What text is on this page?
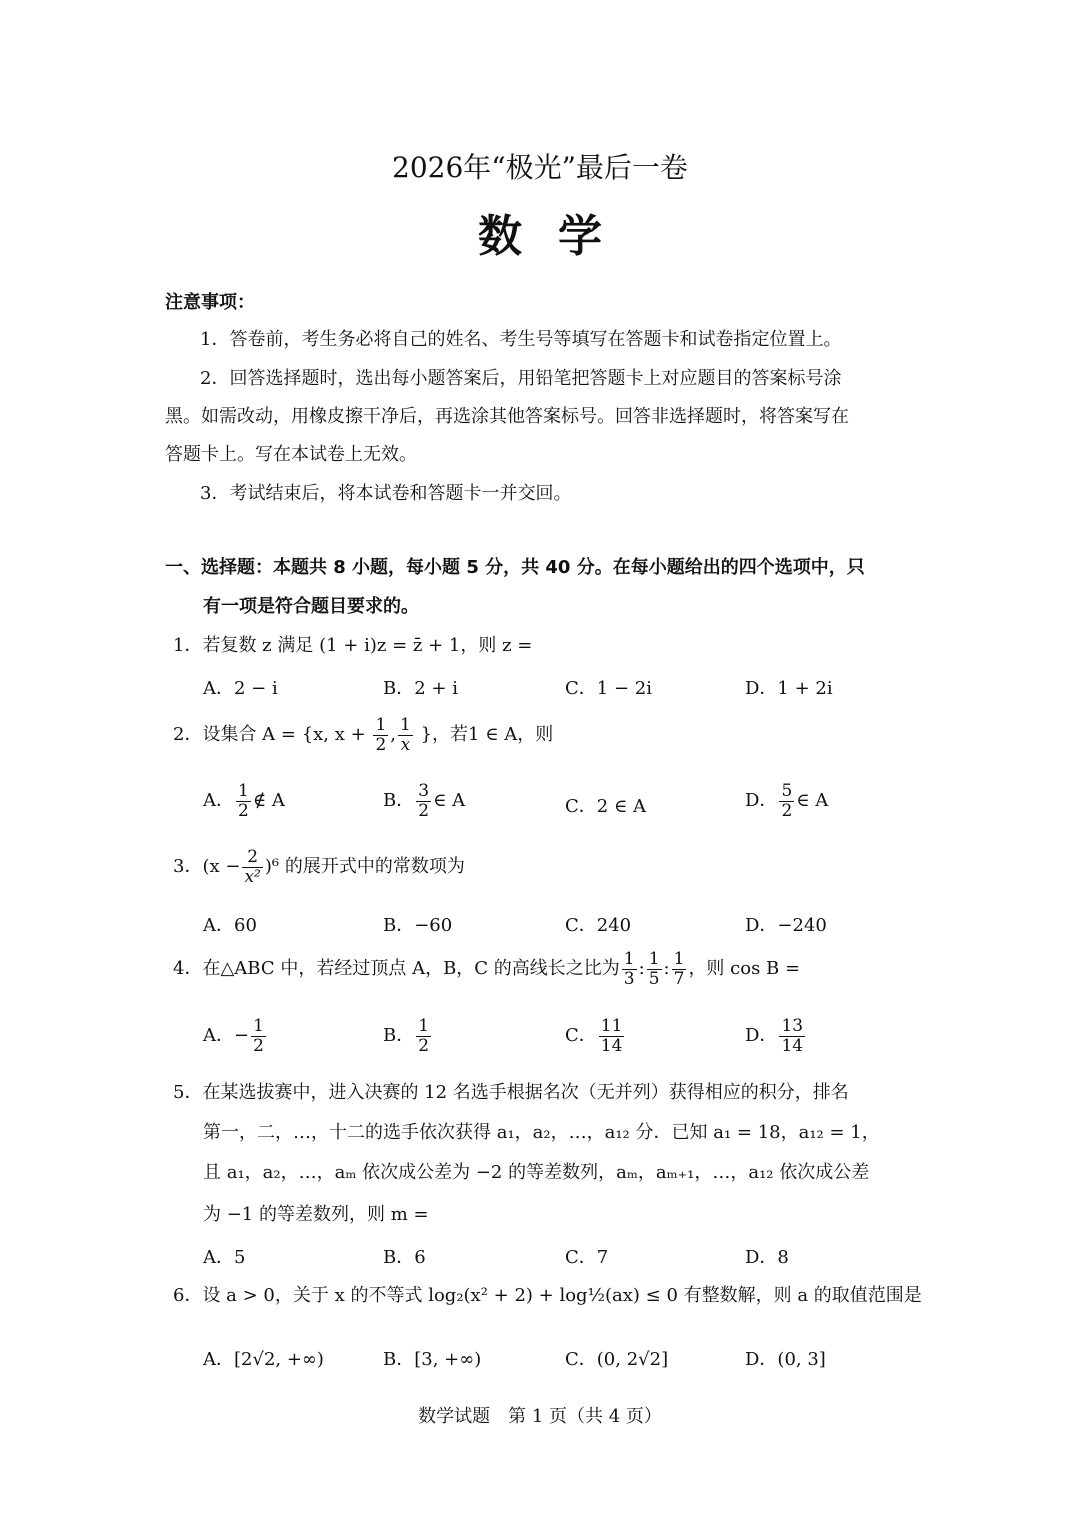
2026年“极光”最后一卷
数学
注意事项：
1．答卷前，考生务必将自己的姓名、考生号等填写在答题卡和试卷指定位置上。
2．回答选择题时，选出每小题答案后，用铅笔把答题卡上对应题目的答案标号涂
黑。如需改动，用橡皮擦干净后，再选涂其他答案标号。回答非选择题时，将答案写在
答题卡上。写在本试卷上无效。
3．考试结束后，将本试卷和答题卡一并交回。
一、选择题：本题共 8 小题，每小题 5 分，共 40 分。在每小题给出的四个选项中，只
有一项是符合题目要求的。
1．若复数 z 满足 (1 + i)z = z̄ + 1，则 z =
A．2 − i	B．2 + i	C．1 − 2i	D．1 + 2i
2．设集合 A = {x, $x + \frac{1}{2}$ , $\frac{1}{x}$ }，若1 ∈ A，则
A． $\frac{1}{2}$ ∉ A	B． $\frac{3}{2}$ ∈ A	C．2 ∈ A	D． $\frac{5}{2}$ ∈ A
3．$(x - \frac{2}{\text{x²}} )^6$ 的展开式中的常数项为
A．60	B．−60	C．240	D．−240
4．在△ABC 中，若经过顶点 A，B，C 的高线长之比为 $\frac{1}{3}$ : $\frac{1}{5}$ : $\frac{1}{7}$ ，则 cos B =
A．− $\frac{1}{2}$	B． $\frac{1}{2}$	C． $\frac{11}{14}$	D． $\frac{13}{14}$
5．在某选拔赛中，进入决赛的 12 名选手根据名次（无并列）获得相应的积分，排名
第一，二，…，十二的选手依次获得 a₁，a₂，…，a₁₂ 分．已知 a₁ = 18，a₁₂ = 1，
且 a₁，a₂，…，aₘ 依次成公差为 −2 的等差数列，aₘ，aₘ₊₁，…，a₁₂ 依次成公差
为 −1 的等差数列，则 m =
A．5	B．6	C．7	D．8
6．设 a > 0，关于 x 的不等式 log₂(x² + 2) + log½(ax) ≤ 0 有整数解，则 a 的取值范围是
A．[2√2, +∞)	B．[3, +∞)	C．(0, 2√2]	D．(0, 3]
数学试题　第 1 页（共 4 页）
